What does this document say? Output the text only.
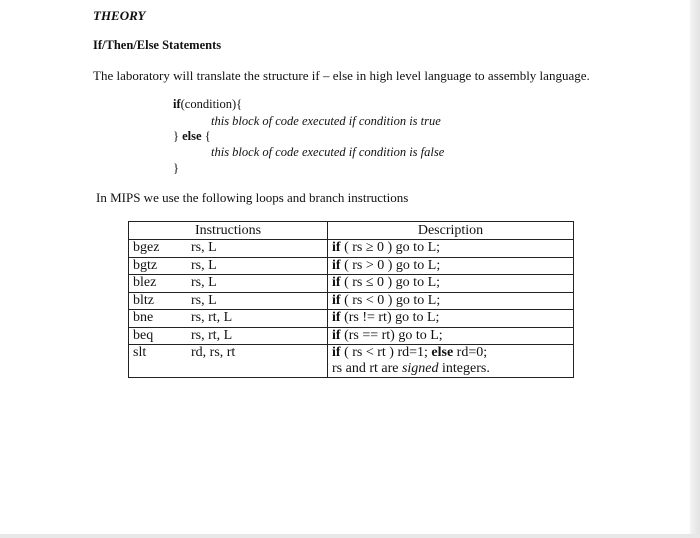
THEORY
If/Then/Else Statements
The laboratory will translate the structure if – else in high level language to assembly language.
if(condition){
this block of code executed if condition is true
} else {
this block of code executed if condition is false
}
In MIPS we use the following loops and branch instructions
Instructions		Description
bgez	rs, L	if ( rs ≥ 0 ) go to L;
bgtz	rs, L	if ( rs > 0 ) go to L;
blez	rs, L	if ( rs ≤ 0 ) go to L;
bltz	rs, L	if ( rs < 0 ) go to L;
bne	rs, rt, L	if (rs != rt) go to L;
beq	rs, rt, L	if (rs == rt) go to L;
slt	rd, rs, rt	if ( rs < rt ) rd=1; else rd=0;
rs and rt are signed integers.
